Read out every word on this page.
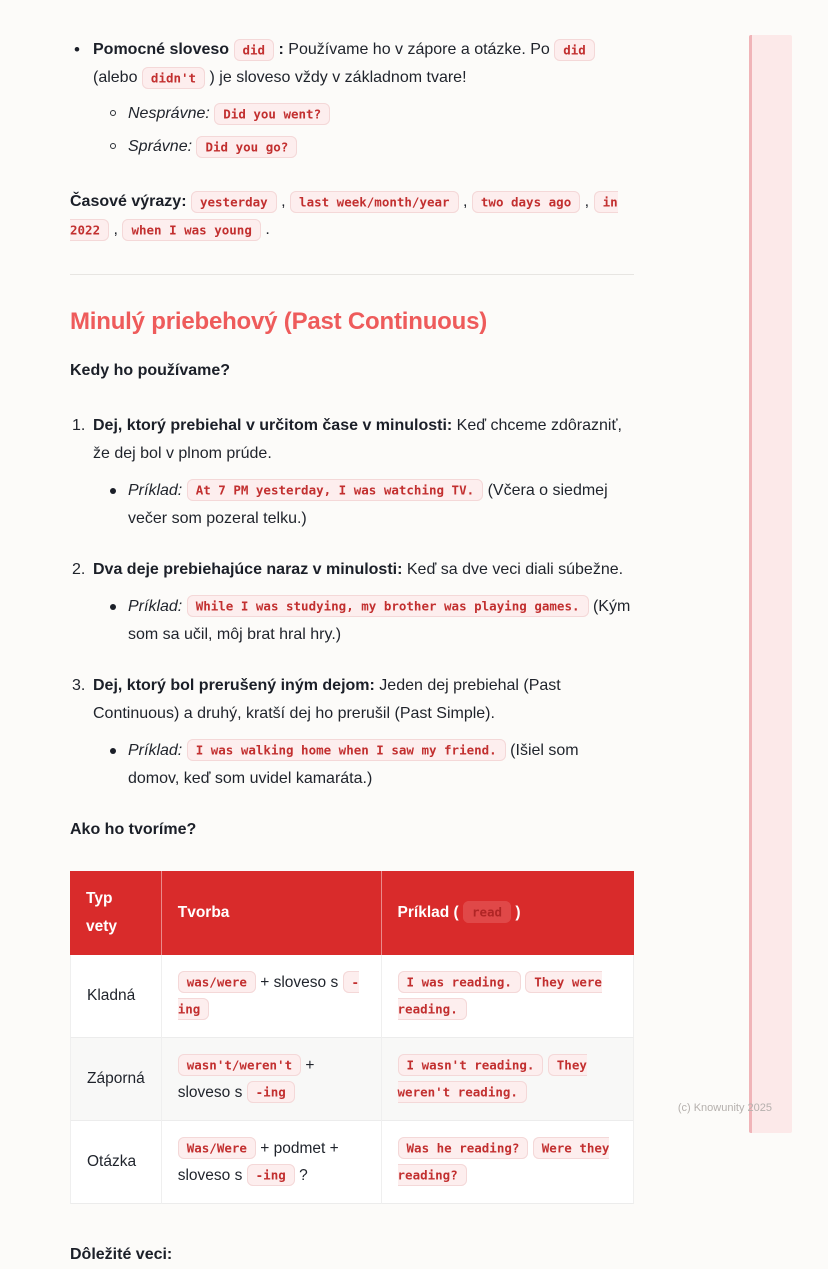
•
Pomocné sloveso did : Používame ho v zápore a otázke. Po did (alebo didn't ) je sloveso vždy v základnom tvare!
Nesprávne: Did you went?
Správne: Did you go?

Časové výrazy: yesterday , last week/month/year , two days ago , in 2022 , when I was young .

Minulý priebehový (Past Continuous)

Kedy ho používame?

1. Dej, ktorý prebiehal v určitom čase v minulosti: Keď chceme zdôrazniť, že dej bol v plnom prúde.
Príklad: At 7 PM yesterday, I was watching TV. (Včera o siedmej večer som pozeral telku.)
2. Dva deje prebiehajúce naraz v minulosti: Keď sa dve veci diali súbežne.
Príklad: While I was studying, my brother was playing games. (Kým som sa učil, môj brat hral hry.)
3. Dej, ktorý bol prerušený iným dejom: Jeden dej prebiehal (Past Continuous) a druhý, kratší dej ho prerušil (Past Simple).
Príklad: I was walking home when I saw my friend. (Išiel som domov, keď som uvidel kamaráta.)

Ako ho tvoríme?

Typ vety	Tvorba	Príklad ( read )
Kladná	was/were + sloveso s -ing	I was reading. They were reading.
Záporná	wasn't/weren't + sloveso s -ing	I wasn't reading. They weren't reading.
Otázka	Was/Were + podmet + sloveso s -ing ?	Was he reading? Were they reading?

Dôležité veci:

(c) Knowunity 2025
